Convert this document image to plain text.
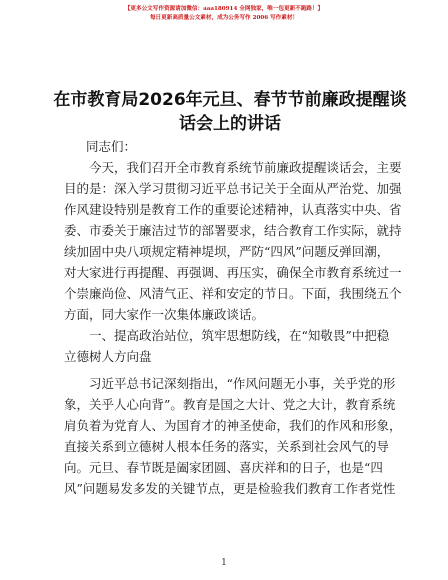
【更多公文写作资源请加微信：aaa180914 全网独家，唯一包更新不跑路！】
每日更新高质量公文素材，成为公务写作 2006 写作素材！
在市教育局2026年元旦、春节节前廉政提醒谈
话会上的讲话
同志们：
　　今天，我们召开全市教育系统节前廉政提醒谈话会，主要
目的是：深入学习贯彻习近平总书记关于全面从严治党、加强
作风建设特别是教育工作的重要论述精神，认真落实中央、省
委、市委关于廉洁过节的部署要求，结合教育工作实际，就持
续加固中央八项规定精神堤坝，严防“四风”问题反弹回潮，
对大家进行再提醒、再强调、再压实，确保全市教育系统过一
个崇廉尚俭、风清气正、祥和安定的节日。下面，我围绕五个
方面，同大家作一次集体廉政谈话。
　　一、提高政治站位，筑牢思想防线，在“知敬畏”中把稳
立德树人方向盘
　　习近平总书记深刻指出，“作风问题无小事，关乎党的形
象，关乎人心向背”。教育是国之大计、党之大计，教育系统
肩负着为党育人、为国育才的神圣使命，我们的作风和形象，
直接关系到立德树人根本任务的落实，关系到社会风气的导
向。元旦、春节既是阖家团圆、喜庆祥和的日子，也是“四
风”问题易发多发的关键节点，更是检验我们教育工作者党性
1
